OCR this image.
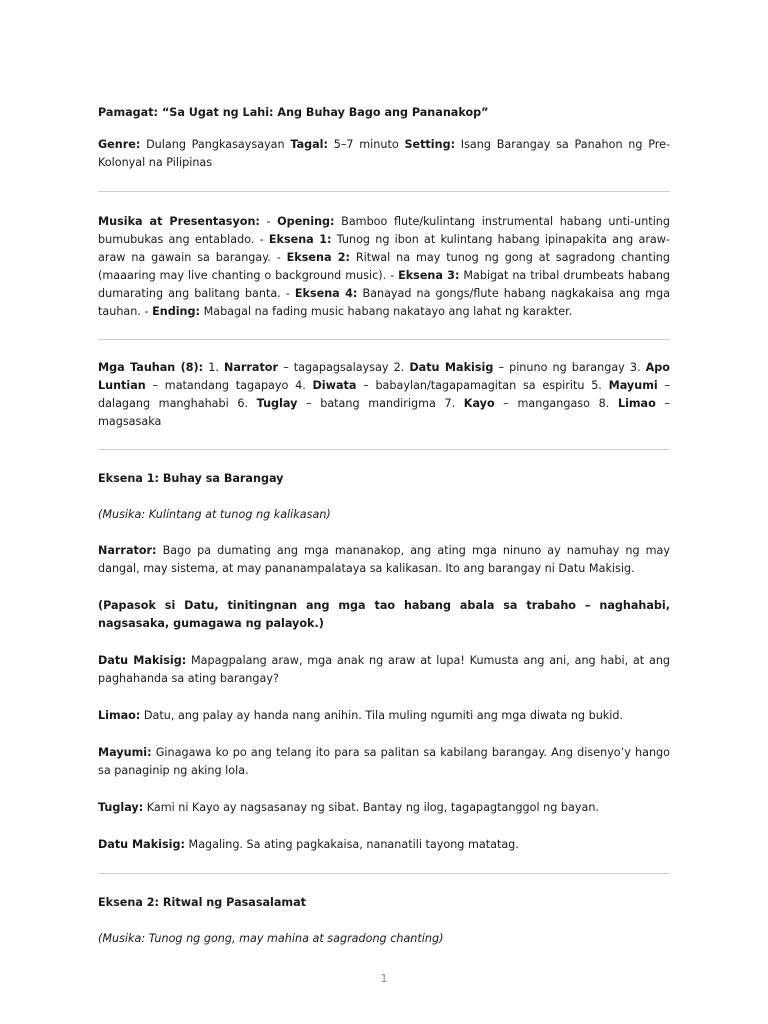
Pamagat: “Sa Ugat ng Lahi: Ang Buhay Bago ang Pananakop”

Genre: Dulang Pangkasaysayan Tagal: 5–7 minuto Setting: Isang Barangay sa Panahon ng Pre-Kolonyal na Pilipinas

Musika at Presentasyon: - Opening: Bamboo flute/kulintang instrumental habang unti-unting bumubukas ang entablado. - Eksena 1: Tunog ng ibon at kulintang habang ipinapakita ang araw-araw na gawain sa barangay. - Eksena 2: Ritwal na may tunog ng gong at sagradong chanting (maaaring may live chanting o background music). - Eksena 3: Mabigat na tribal drumbeats habang dumarating ang balitang banta. - Eksena 4: Banayad na gongs/flute habang nagkakaisa ang mga tauhan. - Ending: Mabagal na fading music habang nakatayo ang lahat ng karakter.

Mga Tauhan (8): 1. Narrator – tagapagsalaysay 2. Datu Makisig – pinuno ng barangay 3. Apo Luntian – matandang tagapayo 4. Diwata – babaylan/tagapamagitan sa espiritu 5. Mayumi – dalagang manghahabi 6. Tuglay – batang mandirigma 7. Kayo – mangangaso 8. Limao – magsasaka

Eksena 1: Buhay sa Barangay

(Musika: Kulintang at tunog ng kalikasan)

Narrator: Bago pa dumating ang mga mananakop, ang ating mga ninuno ay namuhay ng may dangal, may sistema, at may pananampalataya sa kalikasan. Ito ang barangay ni Datu Makisig.

(Papasok si Datu, tinitingnan ang mga tao habang abala sa trabaho – naghahabi, nagsasaka, gumagawa ng palayok.)

Datu Makisig: Mapagpalang araw, mga anak ng araw at lupa! Kumusta ang ani, ang habi, at ang paghahanda sa ating barangay?

Limao: Datu, ang palay ay handa nang anihin. Tila muling ngumiti ang mga diwata ng bukid.

Mayumi: Ginagawa ko po ang telang ito para sa palitan sa kabilang barangay. Ang disenyo’y hango sa panaginip ng aking lola.

Tuglay: Kami ni Kayo ay nagsasanay ng sibat. Bantay ng ilog, tagapagtanggol ng bayan.

Datu Makisig: Magaling. Sa ating pagkakaisa, nananatili tayong matatag.

Eksena 2: Ritwal ng Pasasalamat

(Musika: Tunog ng gong, may mahina at sagradong chanting)

1
